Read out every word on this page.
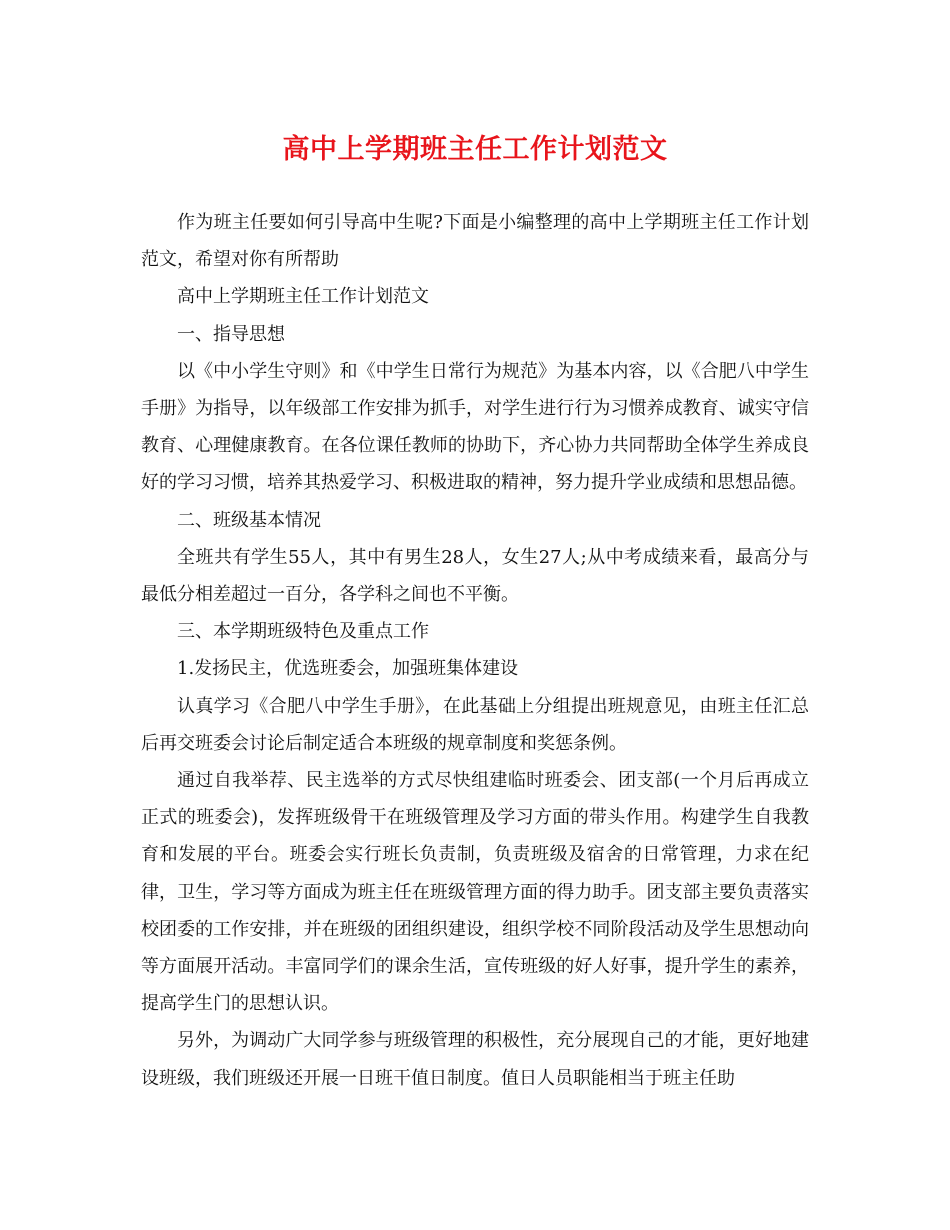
高中上学期班主任工作计划范文

作为班主任要如何引导高中生呢?下面是小编整理的高中上学期班主任工作计划范文，希望对你有所帮助

高中上学期班主任工作计划范文

一、指导思想

以《中小学生守则》和《中学生日常行为规范》为基本内容，以《合肥八中学生手册》为指导，以年级部工作安排为抓手，对学生进行行为习惯养成教育、诚实守信教育、心理健康教育。在各位课任教师的协助下，齐心协力共同帮助全体学生养成良好的学习习惯，培养其热爱学习、积极进取的精神，努力提升学业成绩和思想品德。

二、班级基本情况

全班共有学生55人，其中有男生28人，女生27人;从中考成绩来看，最高分与最低分相差超过一百分，各学科之间也不平衡。

三、本学期班级特色及重点工作

1.发扬民主，优选班委会，加强班集体建设

认真学习《合肥八中学生手册》，在此基础上分组提出班规意见，由班主任汇总后再交班委会讨论后制定适合本班级的规章制度和奖惩条例。

通过自我举荐、民主选举的方式尽快组建临时班委会、团支部(一个月后再成立正式的班委会)，发挥班级骨干在班级管理及学习方面的带头作用。构建学生自我教育和发展的平台。班委会实行班长负责制，负责班级及宿舍的日常管理，力求在纪律，卫生，学习等方面成为班主任在班级管理方面的得力助手。团支部主要负责落实校团委的工作安排，并在班级的团组织建设，组织学校不同阶段活动及学生思想动向等方面展开活动。丰富同学们的课余生活，宣传班级的好人好事，提升学生的素养，提高学生门的思想认识。

另外，为调动广大同学参与班级管理的积极性，充分展现自己的才能，更好地建设班级，我们班级还开展一日班干值日制度。值日人员职能相当于班主任助
